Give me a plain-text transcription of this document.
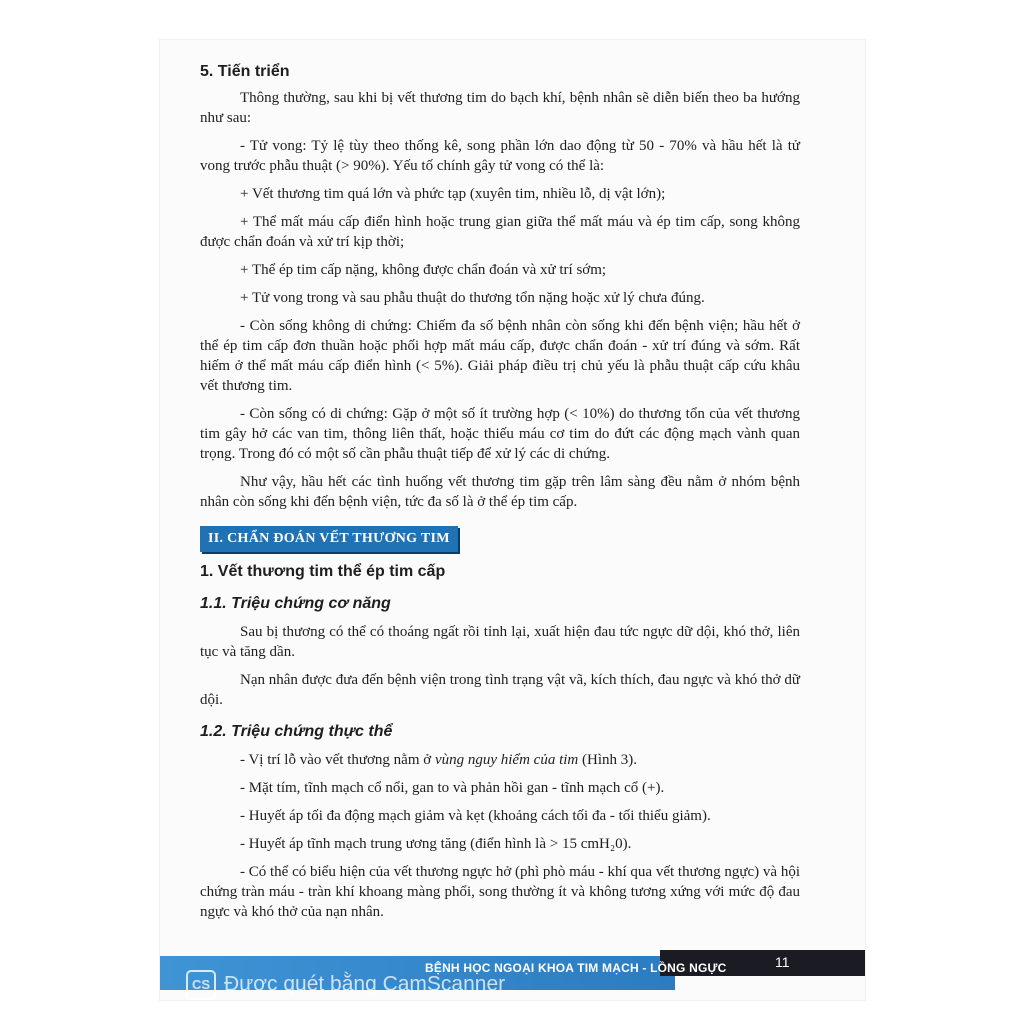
5. Tiến triển

Thông thường, sau khi bị vết thương tim do bạch khí, bệnh nhân sẽ diễn biến theo ba hướng như sau:

- Tử vong: Tỷ lệ tùy theo thống kê, song phần lớn dao động từ 50 - 70% và hầu hết là tử vong trước phẫu thuật (> 90%). Yếu tố chính gây tử vong có thể là:

+ Vết thương tim quá lớn và phức tạp (xuyên tim, nhiều lỗ, dị vật lớn);

+ Thể mất máu cấp điển hình hoặc trung gian giữa thể mất máu và ép tim cấp, song không được chẩn đoán và xử trí kịp thời;

+ Thể ép tim cấp nặng, không được chẩn đoán và xử trí sớm;

+ Tử vong trong và sau phẫu thuật do thương tổn nặng hoặc xử lý chưa đúng.

- Còn sống không di chứng: Chiếm đa số bệnh nhân còn sống khi đến bệnh viện; hầu hết ở thể ép tim cấp đơn thuần hoặc phối hợp mất máu cấp, được chẩn đoán - xử trí đúng và sớm. Rất hiếm ở thể mất máu cấp điển hình (< 5%). Giải pháp điều trị chủ yếu là phẫu thuật cấp cứu khâu vết thương tim.

- Còn sống có di chứng: Gặp ở một số ít trường hợp (< 10%) do thương tổn của vết thương tim gây hở các van tim, thông liên thất, hoặc thiếu máu cơ tim do đứt các động mạch vành quan trọng. Trong đó có một số cần phẫu thuật tiếp để xử lý các di chứng.

Như vậy, hầu hết các tình huống vết thương tim gặp trên lâm sàng đều nằm ở nhóm bệnh nhân còn sống khi đến bệnh viện, tức đa số là ở thể ép tim cấp.

II. CHẨN ĐOÁN VẾT THƯƠNG TIM
1. Vết thương tim thể ép tim cấp
1.1. Triệu chứng cơ năng

Sau bị thương có thể có thoáng ngất rồi tỉnh lại, xuất hiện đau tức ngực dữ dội, khó thở, liên tục và tăng dần.

Nạn nhân được đưa đến bệnh viện trong tình trạng vật vã, kích thích, đau ngực và khó thở dữ dội.

1.2. Triệu chứng thực thể

- Vị trí lỗ vào vết thương nằm ở vùng nguy hiểm của tim (Hình 3).

- Mặt tím, tĩnh mạch cổ nổi, gan to và phản hồi gan - tĩnh mạch cổ (+).

- Huyết áp tối đa động mạch giảm và kẹt (khoảng cách tối đa - tối thiểu giảm).

- Huyết áp tĩnh mạch trung ương tăng (điển hình là > 15 cmH₂0).

- Có thể có biểu hiện của vết thương ngực hở (phì phò máu - khí qua vết thương ngực) và hội chứng tràn máu - tràn khí khoang màng phổi, song thường ít và không tương xứng với mức độ đau ngực và khó thở của nạn nhân.

BỆNH HỌC NGOẠI KHOA TIM MẠCH - LỒNG NGỰC	11
CS Được quét bằng CamScanner
